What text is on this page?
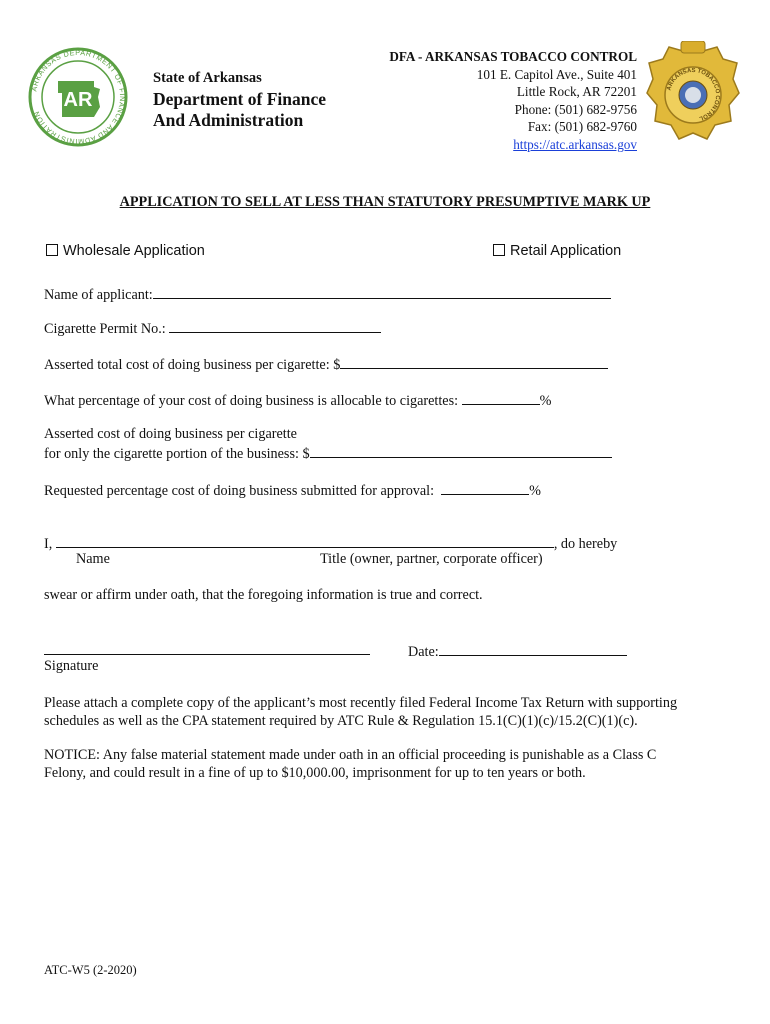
ARKANSAS DEPARTMENT OF FINANCE AND ADMINISTRATION
AR
State of Arkansas
Department of Finance
And Administration
DFA - ARKANSAS TOBACCO CONTROL
101 E. Capitol Ave., Suite 401
Little Rock, AR 72201
Phone: (501) 682-9756
Fax: (501) 682-9760
https://atc.arkansas.gov
ARKANSAS TOBACCO CONTROL
APPLICATION TO SELL AT LESS THAN STATUTORY PRESUMPTIVE MARK UP
Wholesale Application	Retail Application
Name of applicant:
Cigarette Permit No.:
Asserted total cost of doing business per cigarette: $
What percentage of your cost of doing business is allocable to cigarettes:	%
Asserted cost of doing business per cigarette
for only the cigarette portion of the business: $
Requested percentage cost of doing business submitted for approval:	%
I,	, do hereby
Name	Title (owner, partner, corporate officer)
swear or affirm under oath, that the foregoing information is true and correct.
Date:
Signature
Please attach a complete copy of the applicant’s most recently filed Federal Income Tax Return with supporting
schedules as well as the CPA statement required by ATC Rule & Regulation 15.1(C)(1)(c)/15.2(C)(1)(c).
NOTICE: Any false material statement made under oath in an official proceeding is punishable as a Class C
Felony, and could result in a fine of up to $10,000.00, imprisonment for up to ten years or both.
ATC-W5 (2-2020)
